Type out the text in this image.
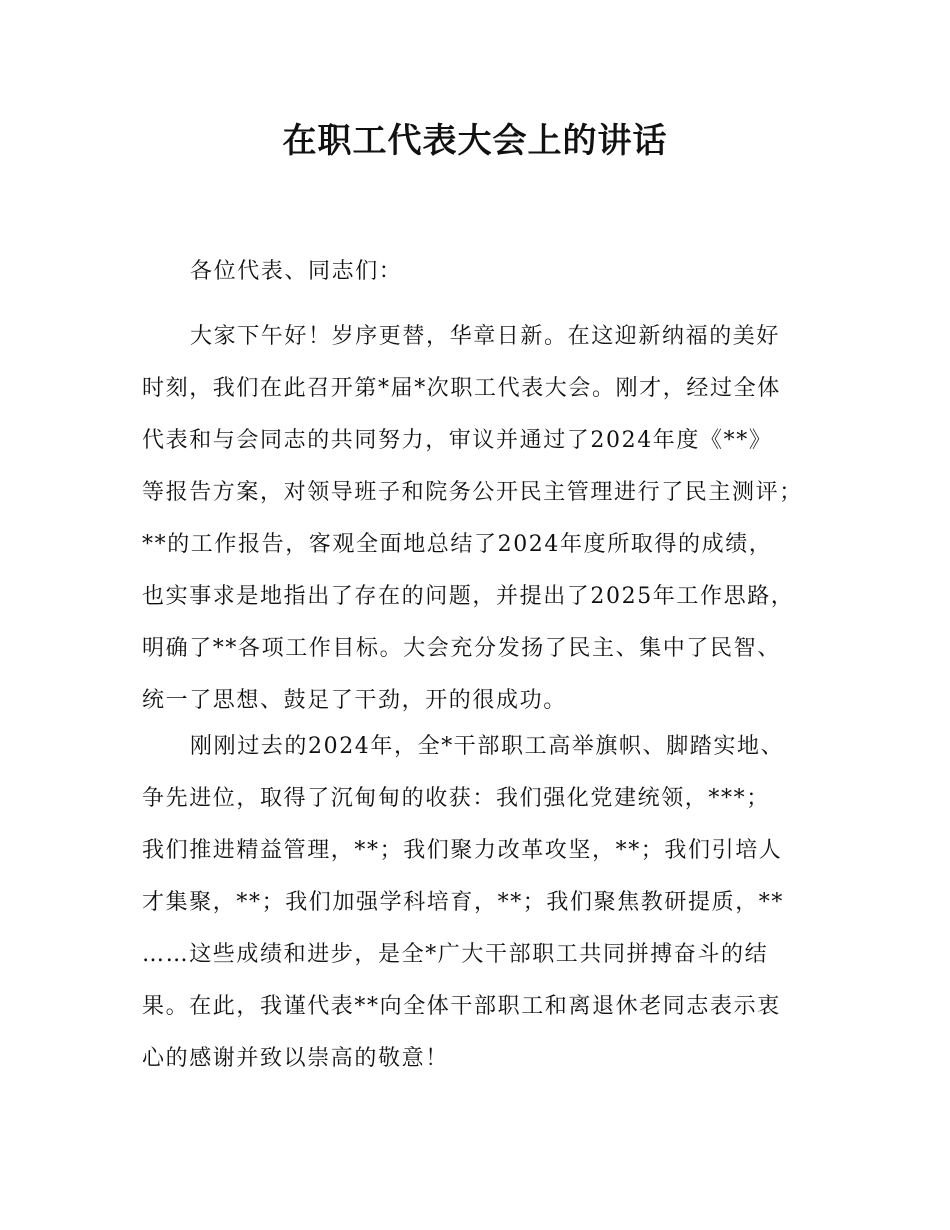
在职工代表大会上的讲话
各位代表、同志们：
大家下午好！岁序更替，华章日新。在这迎新纳福的美好
时刻，我们在此召开第*届*次职工代表大会。刚才，经过全体
代表和与会同志的共同努力，审议并通过了2024年度《**》
等报告方案，对领导班子和院务公开民主管理进行了民主测评；
**的工作报告，客观全面地总结了2024年度所取得的成绩，
也实事求是地指出了存在的问题，并提出了2025年工作思路，
明确了**各项工作目标。大会充分发扬了民主、集中了民智、
统一了思想、鼓足了干劲，开的很成功。
刚刚过去的2024年，全*干部职工高举旗帜、脚踏实地、
争先进位，取得了沉甸甸的收获：我们强化党建统领，***；
我们推进精益管理，**；我们聚力改革攻坚，**；我们引培人
才集聚，**；我们加强学科培育，**；我们聚焦教研提质，**
……这些成绩和进步，是全*广大干部职工共同拼搏奋斗的结
果。在此，我谨代表**向全体干部职工和离退休老同志表示衷
心的感谢并致以崇高的敬意！
